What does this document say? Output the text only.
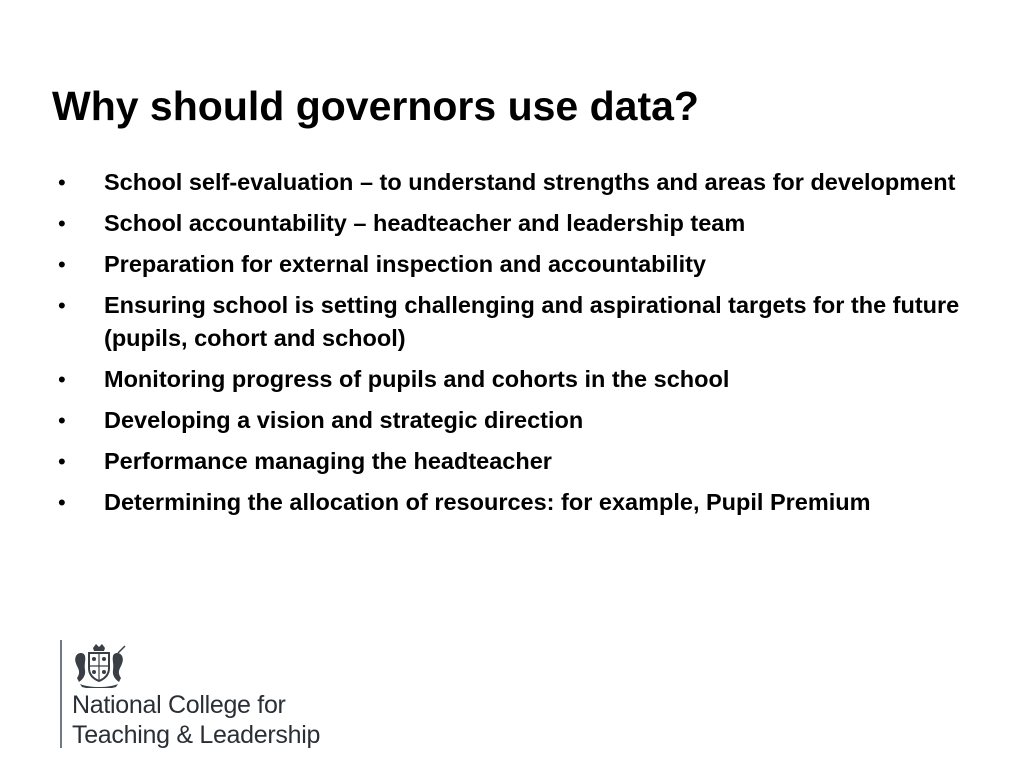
Why should governors use data?
• School self-evaluation – to understand strengths and areas for development
• School accountability – headteacher and leadership team
• Preparation for external inspection and accountability
• Ensuring school is setting challenging and aspirational targets for the future (pupils, cohort and school)
• Monitoring progress of pupils and cohorts in the school
• Developing a vision and strategic direction
• Performance managing the headteacher
• Determining the allocation of resources: for example, Pupil Premium
National College for
Teaching & Leadership
